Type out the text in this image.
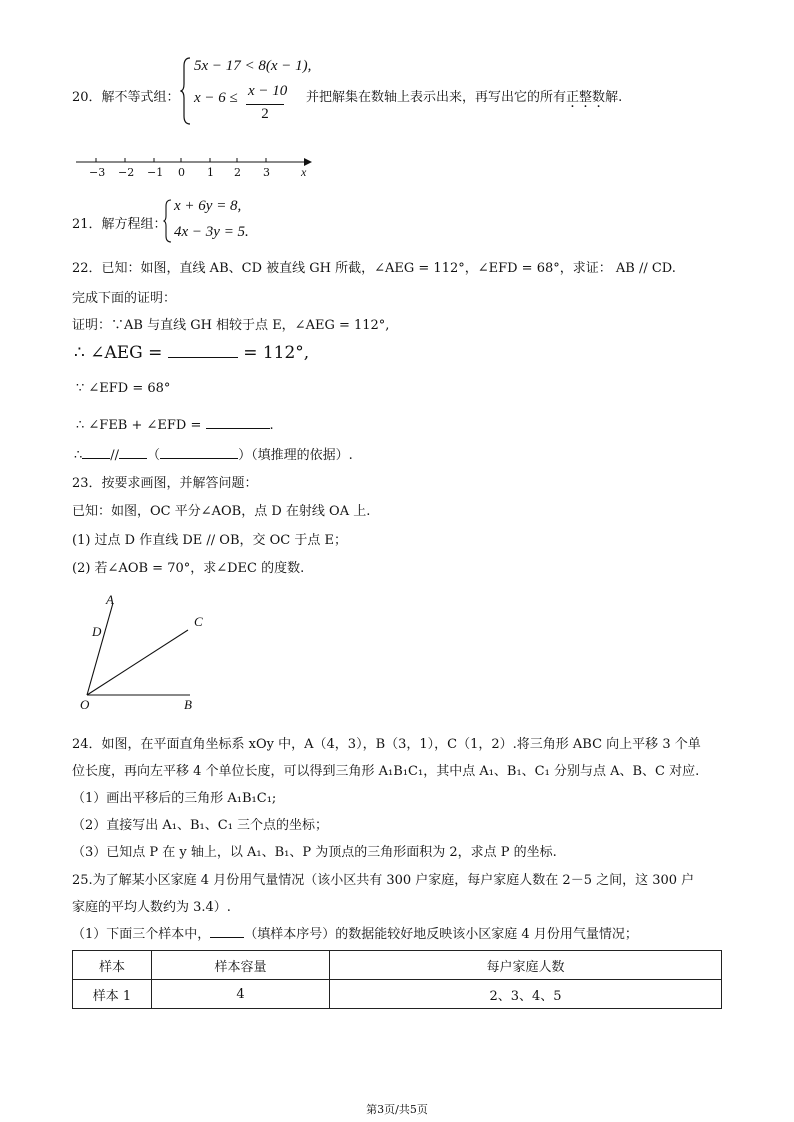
20．解不等式组：
5x − 17 < 8(x − 1),
x − 6 ≤ x − 10
2
并把解集在数轴上表示出来，再写出它的所有正整数解.
−3 −2 −1 0 1 2 3	x
21．解方程组：
x + 6y = 8,
4x − 3y = 5.
22．已知：如图，直线 AB、CD 被直线 GH 所截，∠AEG = 112°，∠EFD = 68°，求证： AB // CD.
完成下面的证明：
证明：∵AB 与直线 GH 相较于点 E，∠AEG = 112°,
∴ ∠AEG =	= 112°,
∵ ∠EFD = 68°
∴ ∠FEB + ∠EFD =	.
∴ // （	）（填推理的依据）.
23．按要求画图，并解答问题：
已知：如图，OC 平分∠AOB，点 D 在射线 OA 上.
(1) 过点 D 作直线 DE // OB，交 OC 于点 E；
(2) 若∠AOB = 70°，求∠DEC 的度数.
A
D
C
O	B
24．如图，在平面直角坐标系 xOy 中，A（4，3），B（3，1），C（1，2）.将三角形 ABC 向上平移 3 个单
位长度，再向左平移 4 个单位长度，可以得到三角形 A₁B₁C₁，其中点 A₁、B₁、C₁ 分别与点 A、B、C 对应.
（1）画出平移后的三角形 A₁B₁C₁;
（2）直接写出 A₁、B₁、C₁ 三个点的坐标；
（3）已知点 P 在 y 轴上，以 A₁、B₁、P 为顶点的三角形面积为 2，求点 P 的坐标.
25.为了解某小区家庭 4 月份用气量情况（该小区共有 300 户家庭，每户家庭人数在 2－5 之间，这 300 户
家庭的平均人数约为 3.4）.
（1）下面三个样本中，	（填样本序号）的数据能较好地反映该小区家庭 4 月份用气量情况；
样本	样本容量	每户家庭人数
样本 1	4	2、3、4、5
第3页/共5页
